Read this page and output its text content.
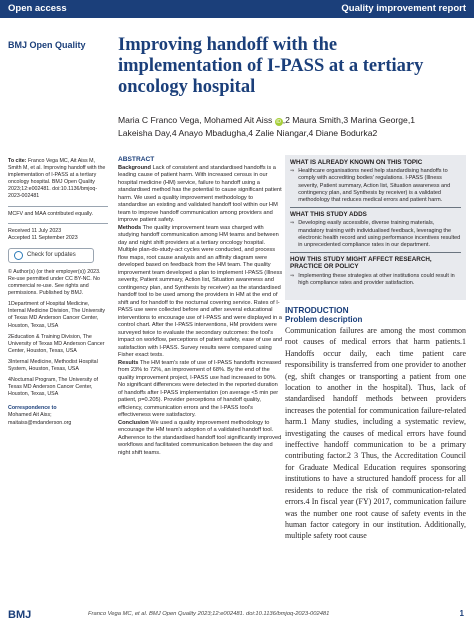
Open access	Quality improvement report
BMJ Open Quality Improving handoff with the implementation of I-PASS at a tertiary oncology hospital
Maria C Franco Vega, Mohamed Ait Aiss iD ,2 Maura Smith,3 Marina George,1
Lakeisha Day,4 Anayo Mbadugha,4 Zalie Niangar,4 Diane Bodurka2
To cite: Franco Vega MC, Ait Aiss M, Smith M, et al. Improving handoff with the implementation of I-PASS at a tertiary oncology hospital. BMJ Open Quality 2023;12:e002481. doi:10.1136/bmjoq-2023-002481
MCFV and MAA contributed equally.
Received 11 July 2023
Accepted 11 September 2023
Check for updates
© Author(s) (or their employer(s)) 2023. Re-use permitted under CC BY-NC. No commercial re-use. See rights and permissions. Published by BMJ.
1Department of Hospital Medicine, Internal Medicine Division, The University of Texas MD Anderson Cancer Center, Houston, Texas, USA
2Education & Training Division, The University of Texas MD Anderson Cancer Center, Houston, Texas, USA
3Internal Medicine, Methodist Hospital System, Houston, Texas, USA
4Nocturnal Program, The University of Texas MD Anderson Cancer Center, Houston, Texas, USA
Correspondence to
Mohamed Ait Aiss;
maitaiss@mdanderson.org
ABSTRACT

Background Lack of consistent and standardised handoffs is a leading cause of patient harm. With increased census in our hospital medicine (HM) service, failure to handoff using a standardised method has the potential to cause significant patient harm. We used a quality improvement methodology to standardise an existing and validated handoff tool within our HM team to improve handoff communication among providers and improve patient safety.

Methods The quality improvement team was charged with studying handoff communication among HM teams and between day and night shift providers at a tertiary oncology hospital. Multiple plan-do-study-act cycles were conducted, and process flow maps, root cause analysis and an affinity diagram were developed based on feedback from the HM team. The quality improvement team developed a plan to implement I-PASS (Illness severity, Patient summary, Action list, Situation awareness and contingency plan, and Synthesis by receiver) as the standardised handoff tool to be used among the providers in HM at the end of shift and for handoff to the nocturnal covering service. Rates of I-PASS use were collected before and after several educational interventions to encourage use of I-PASS and were displayed in a control chart. After the I-PASS interventions, HM providers were surveyed twice to evaluate the secondary outcomes: the tool's impact on workflow, perceptions of patient safety, ease of use and satisfaction with I-PASS. Survey results were compared using Fisher exact tests.

Results The HM team's rate of use of I-PASS handoffs increased from 23% to 72%, an improvement of 68%. By the end of the quality improvement project, I-PASS use had increased to 90%. No significant differences were detected in the reported duration of handoffs after I-PASS implementation (on average <5 min per patient, p=0.205). Provider perceptions of handoff quality, efficiency, communication errors and the I-PASS tool's effectiveness were satisfactory.

Conclusion We used a quality improvement methodology to encourage the HM team's adoption of a validated handoff tool. Adherence to the standardised handoff tool significantly improved workflows and facilitated communication between the day and night shift teams.

WHAT IS ALREADY KNOWN ON THIS TOPIC
⇒ Healthcare organisations need help standardising handoffs to comply with accrediting bodies' regulations. I-PASS (Illness severity, Patient summary, Action list, Situation awareness and contingency plan, and Synthesis by receiver) is a validated methodology that reduces medical errors and patient harm.
WHAT THIS STUDY ADDS
⇒ Developing easily accessible, diverse training materials, mandatory training with individualised feedback, leveraging the electronic health record and using performance incentives resulted in unprecedented compliance rates in our department.
HOW THIS STUDY MIGHT AFFECT RESEARCH, PRACTICE OR POLICY
⇒ Implementing these strategies at other institutions could result in high compliance rates and provider satisfaction.
INTRODUCTION
Problem description

Communication failures are among the most common root causes of medical errors that harm patients.1 Handoffs occur daily, each time patient care responsibility is transferred from one provider to another (eg, shift changes or transporting a patient from one location to another in the hospital). Thus, lack of standardised handoff methods between providers increases the potential for communication failure-related harm.1 Many studies, including a systematic review, investigating the causes of medical errors have found ineffective handoff communication to be a primary contributing factor.2 3 Thus, the Accreditation Council for Graduate Medical Education requires sponsoring institutions to have a structured handoff process for all residents to reduce the risk of communication-related errors.4 In fiscal year (FY) 2017, communication failure was the number one root cause of safety events in the human factor category in our institution. Additionally, multiple safety root cause

BMJ	Franco Vega MC, et al. BMJ Open Quality 2023;12:e002481. doi:10.1136/bmjoq-2023-002481	1
